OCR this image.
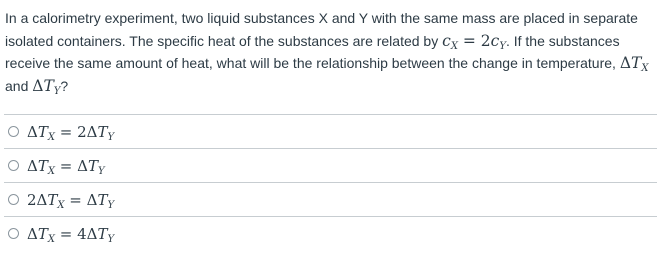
In a calorimetry experiment, two liquid substances X and Y with the same mass are placed in separate isolated containers. The specific heat of the substances are related by $c_X = 2c_Y$. If the substances receive the same amount of heat, what will be the relationship between the change in temperature, $\Delta T_X$ and $\Delta T_Y$?
$\Delta T_X = 2\Delta T_Y$
$\Delta T_X = \Delta T_Y$
$2\Delta T_X = \Delta T_Y$
$\Delta T_X = 4\Delta T_Y$
